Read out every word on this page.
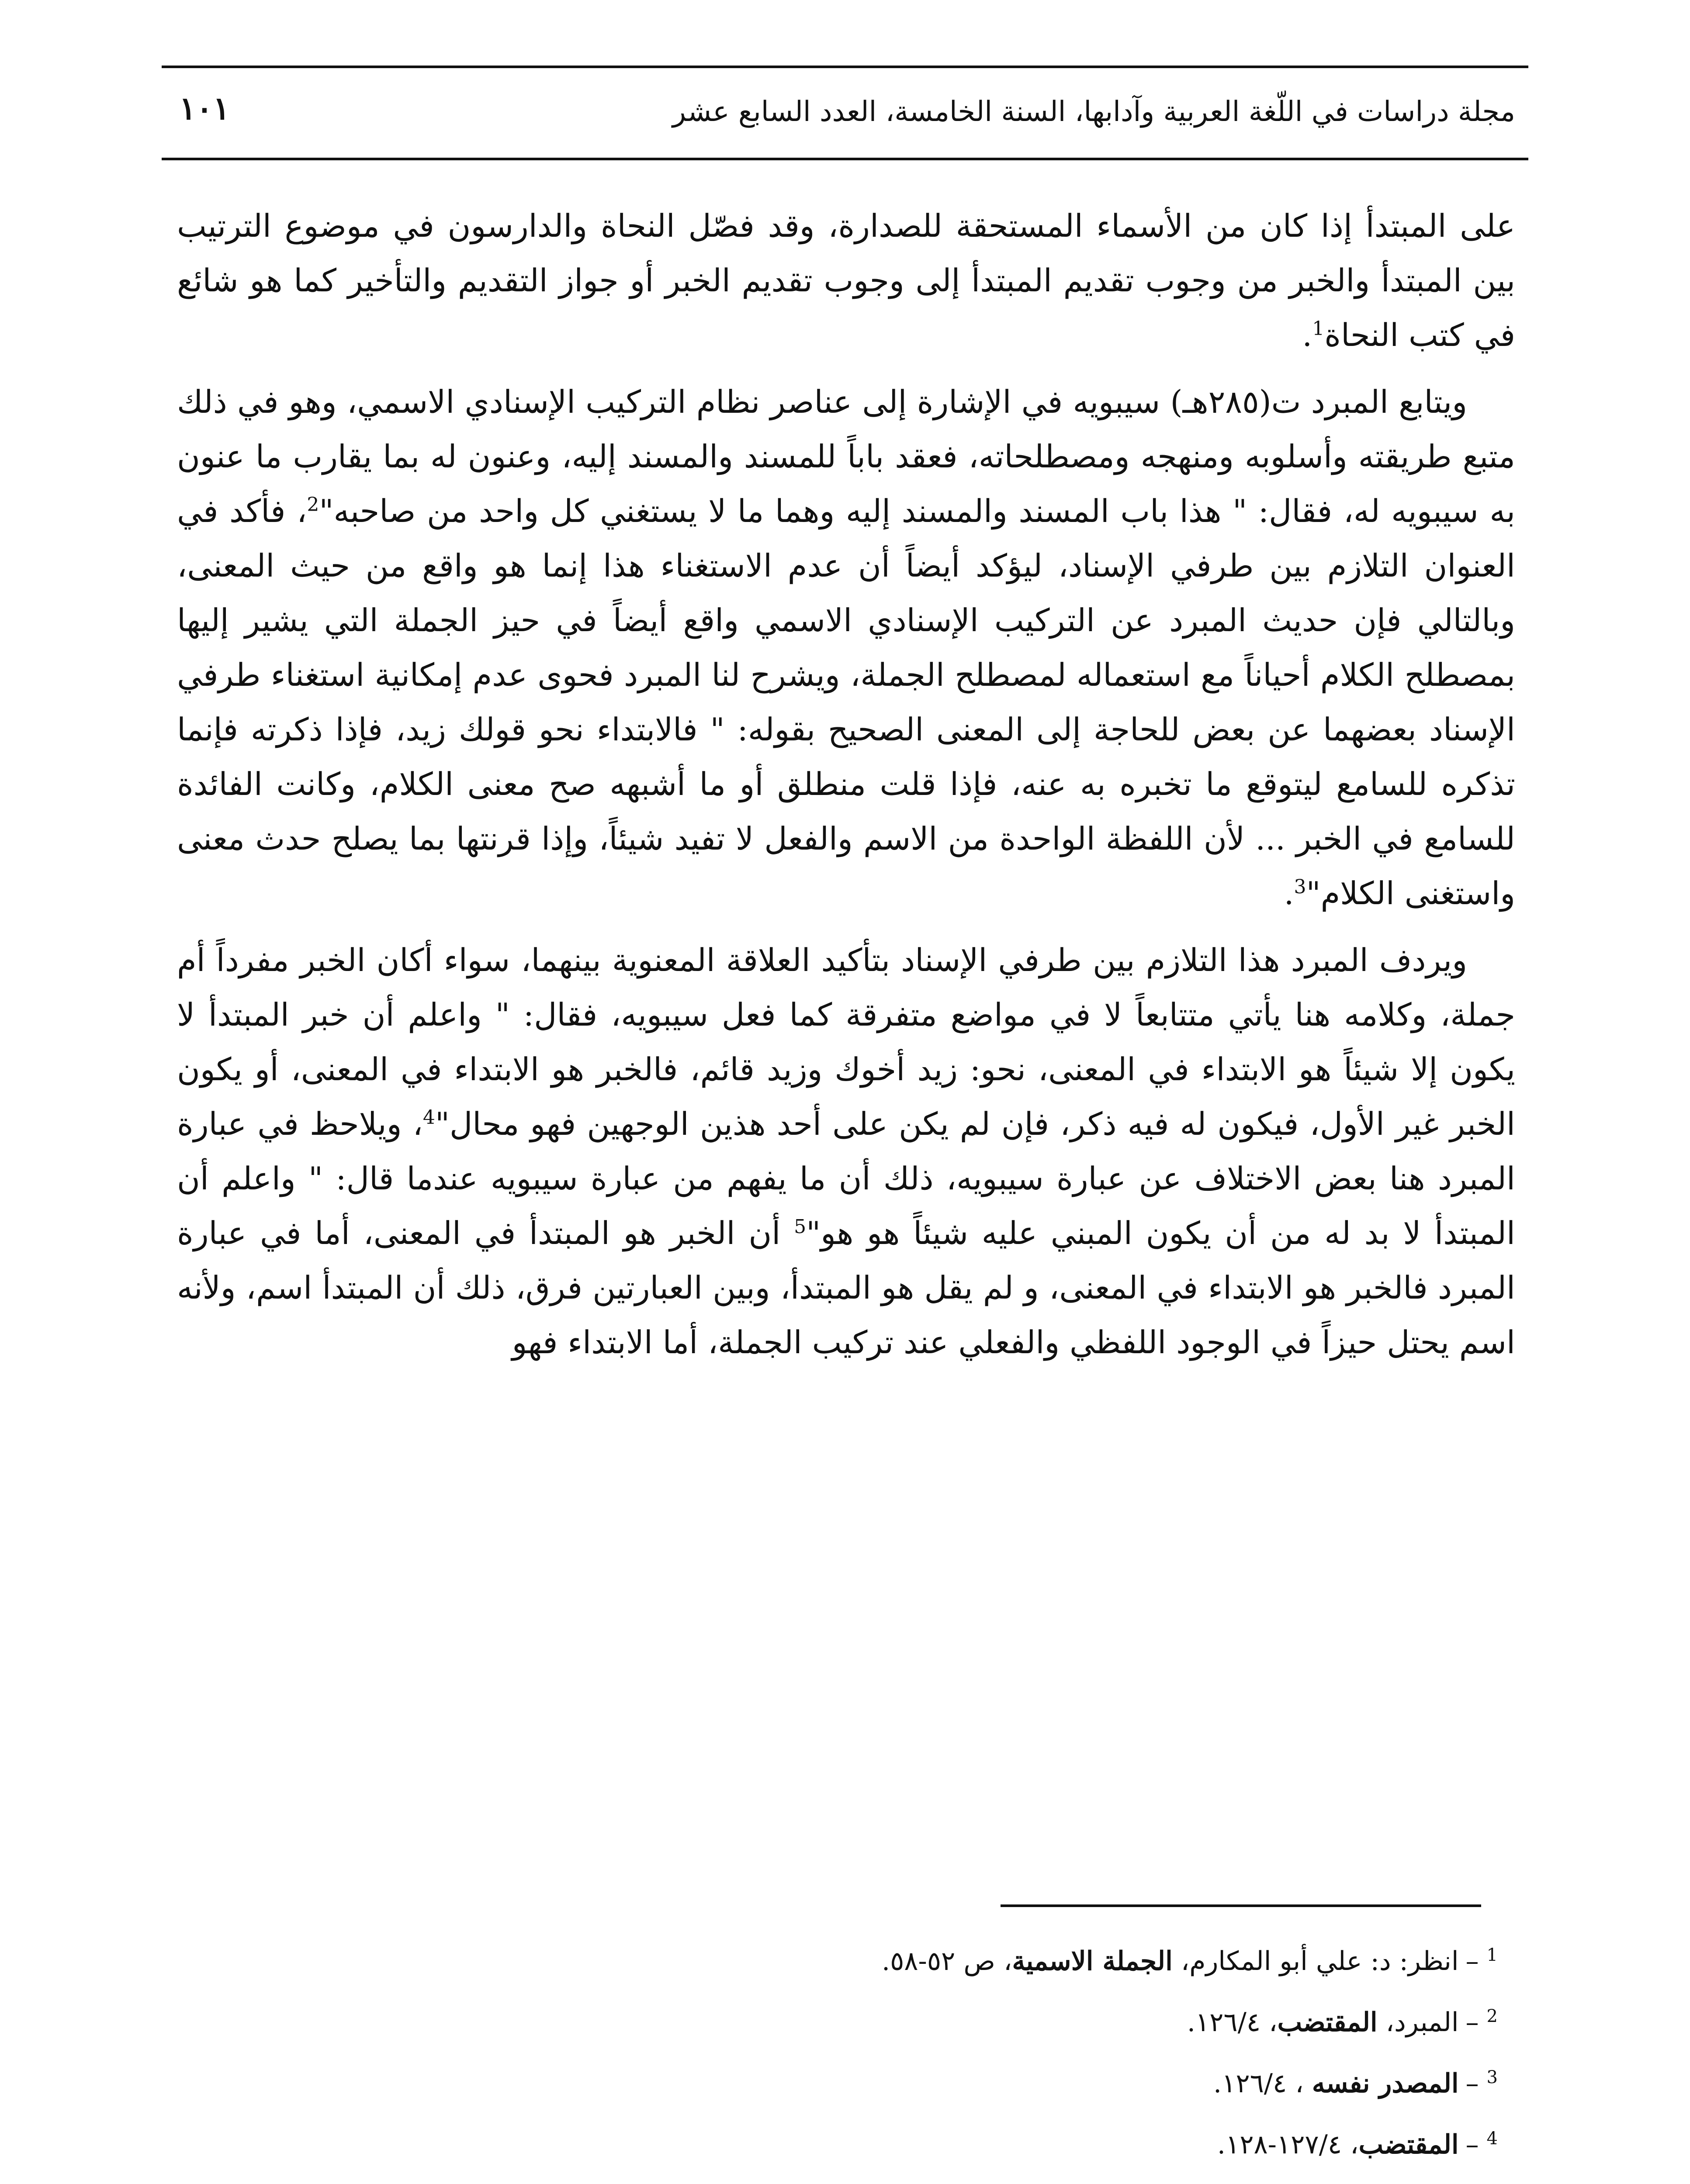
مجلة دراسات في اللّغة العربية وآدابها، السنة الخامسة، العدد السابع عشر
١٠١

على المبتدأ إذا كان من الأسماء المستحقة للصدارة، وقد فصّل النحاة والدارسون في موضوع الترتيب بين المبتدأ والخبر من وجوب تقديم المبتدأ إلى وجوب تقديم الخبر أو جواز التقديم والتأخير كما هو شائع في كتب النحاة$^1$.

ويتابع المبرد ت(٢٨٥هـ) سيبويه في الإشارة إلى عناصر نظام التركيب الإسنادي الاسمي، وهو في ذلك متبع طريقته وأسلوبه ومنهجه ومصطلحاته، فعقد باباً للمسند والمسند إليه، وعنون له بما يقارب ما عنون به سيبويه له، فقال: " هذا باب المسند والمسند إليه وهما ما لا يستغني كل واحد من صاحبه"$^2$، فأكد في العنوان التلازم بين طرفي الإسناد، ليؤكد أيضاً أن عدم الاستغناء هذا إنما هو واقع من حيث المعنى، وبالتالي فإن حديث المبرد عن التركيب الإسنادي الاسمي واقع أيضاً في حيز الجملة التي يشير إليها بمصطلح الكلام أحياناً مع استعماله لمصطلح الجملة، ويشرح لنا المبرد فحوى عدم إمكانية استغناء طرفي الإسناد بعضهما عن بعض للحاجة إلى المعنى الصحيح بقوله: " فالابتداء نحو قولك زيد، فإذا ذكرته فإنما تذكره للسامع ليتوقع ما تخبره به عنه، فإذا قلت منطلق أو ما أشبهه صح معنى الكلام، وكانت الفائدة للسامع في الخبر ... لأن اللفظة الواحدة من الاسم والفعل لا تفيد شيئاً، وإذا قرنتها بما يصلح حدث معنى واستغنى الكلام"$^3$.

ويردف المبرد هذا التلازم بين طرفي الإسناد بتأكيد العلاقة المعنوية بينهما، سواء أكان الخبر مفرداً أم جملة، وكلامه هنا يأتي متتابعاً لا في مواضع متفرقة كما فعل سيبويه، فقال: " واعلم أن خبر المبتدأ لا يكون إلا شيئاً هو الابتداء في المعنى، نحو: زيد أخوك وزيد قائم، فالخبر هو الابتداء في المعنى، أو يكون الخبر غير الأول، فيكون له فيه ذكر، فإن لم يكن على أحد هذين الوجهين فهو محال"$^4$، ويلاحظ في عبارة المبرد هنا بعض الاختلاف عن عبارة سيبويه، ذلك أن ما يفهم من عبارة سيبويه عندما قال: " واعلم أن المبتدأ لا بد له من أن يكون المبني عليه شيئاً هو هو"$^5$ أن الخبر هو المبتدأ في المعنى، أما في عبارة المبرد فالخبر هو الابتداء في المعنى، و لم يقل هو المبتدأ، وبين العبارتين فرق، ذلك أن المبتدأ اسم، ولأنه اسم يحتل حيزاً في الوجود اللفظي والفعلي عند تركيب الجملة، أما الابتداء فهو

$^1$–انظر: د: علي أبو المكارم، الجملة الاسمية، ص ٥٢-٥٨.
$^2$–المبرد، المقتضب، ١٢٦/٤.
$^3$–المصدر نفسه ، ١٢٦/٤.
$^4$–المقتضب، ١٢٧/٤-١٢٨.
